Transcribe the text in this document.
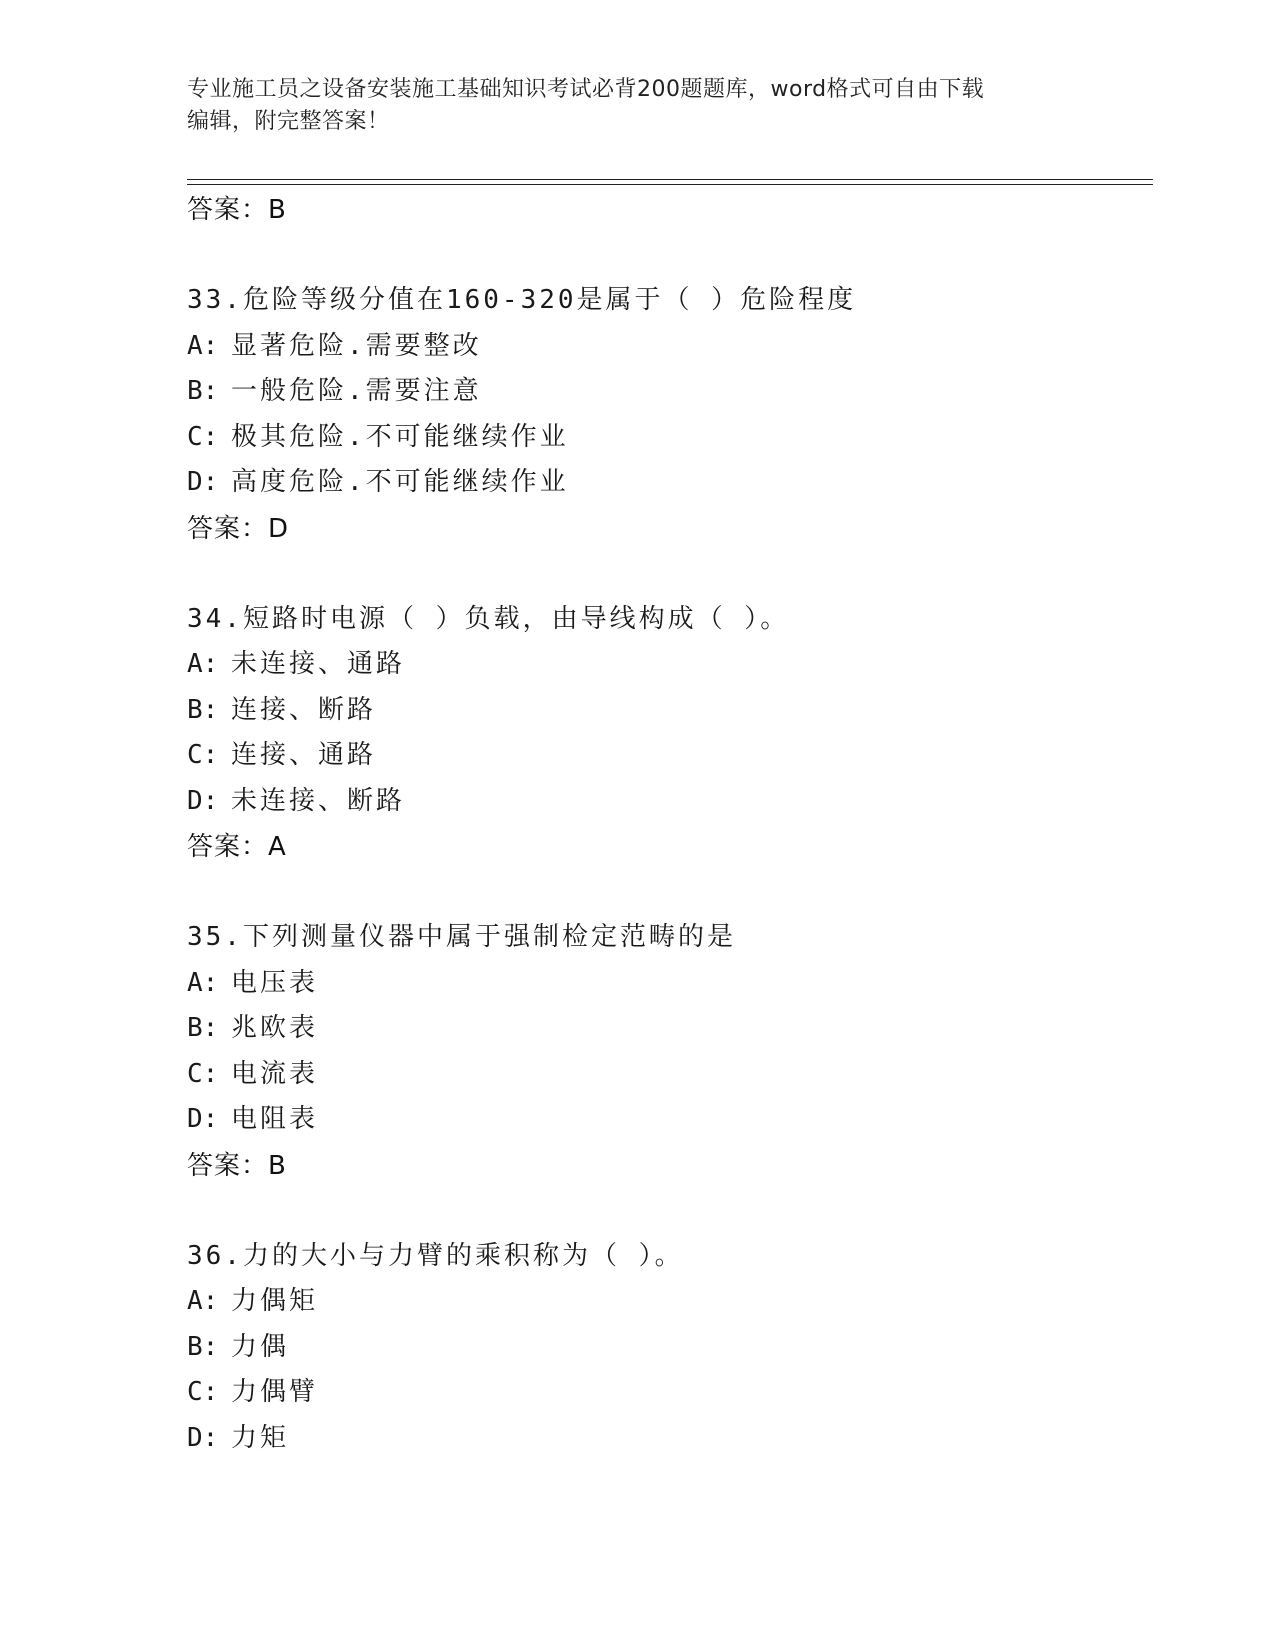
专业施工员之设备安装施工基础知识考试必背200题题库，word格式可自由下载
编辑，附完整答案！
答案：B
33.危险等级分值在160-320是属于（ ）危险程度
A: 显著危险.需要整改
B: 一般危险.需要注意
C: 极其危险.不可能继续作业
D: 高度危险.不可能继续作业
答案：D
34.短路时电源（ ）负载，由导线构成（ ）。
A: 未连接、通路
B: 连接、断路
C: 连接、通路
D: 未连接、断路
答案：A
35.下列测量仪器中属于强制检定范畴的是
A: 电压表
B: 兆欧表
C: 电流表
D: 电阻表
答案：B
36.力的大小与力臂的乘积称为（ ）。
A: 力偶矩
B: 力偶
C: 力偶臂
D: 力矩
